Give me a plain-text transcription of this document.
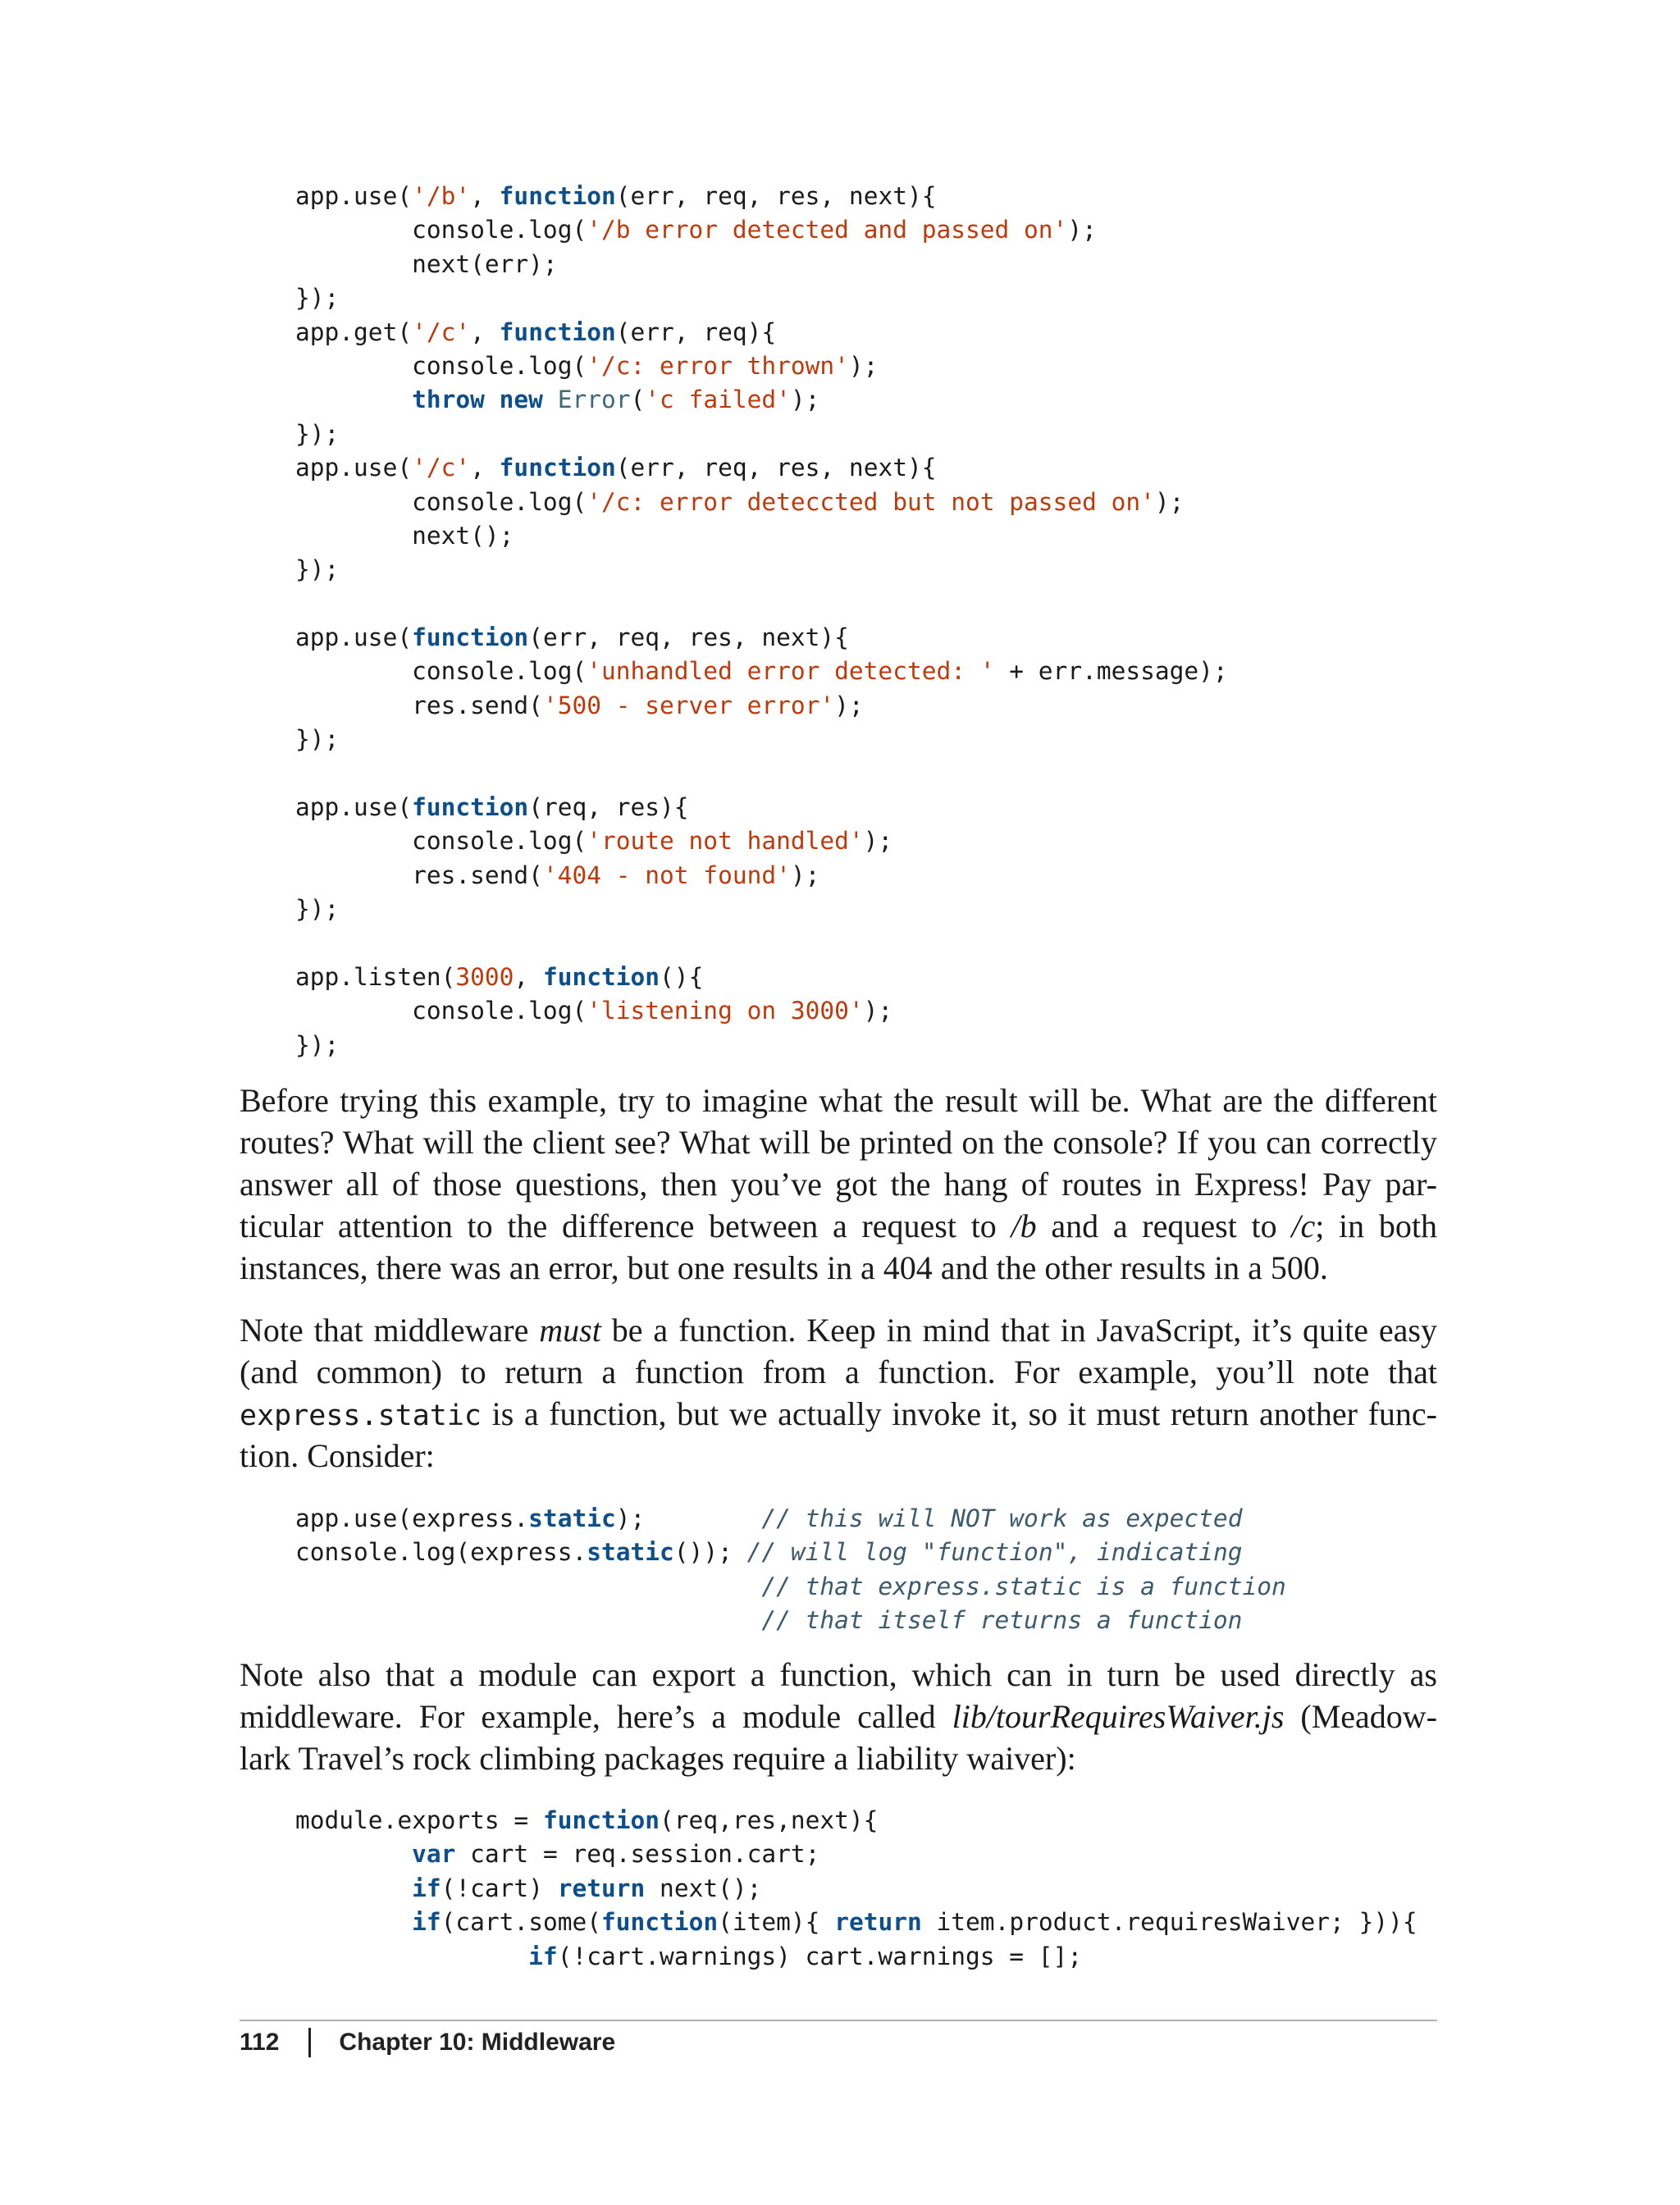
app.use('/b', function(err, req, res, next){
console.log('/b error detected and passed on');
next(err);
});
app.get('/c', function(err, req){
console.log('/c: error thrown');
throw new Error('c failed');
});
app.use('/c', function(err, req, res, next){
console.log('/c: error deteccted but not passed on');
next();
});

app.use(function(err, req, res, next){
console.log('unhandled error detected: ' + err.message);
res.send('500 - server error');
});

app.use(function(req, res){
console.log('route not handled');
res.send('404 - not found');
});

app.listen(3000, function(){
console.log('listening on 3000');
});
Before trying this example, try to imagine what the result will be. What are the different
routes? What will the client see? What will be printed on the console? If you can correctly
answer all of those questions, then you’ve got the hang of routes in Express! Pay par-
ticular attention to the difference between a request to /b and a request to /c; in both
instances, there was an error, but one results in a 404 and the other results in a 500.
Note that middleware must be a function. Keep in mind that in JavaScript, it’s quite easy
(and common) to return a function from a function. For example, you’ll note that
express.static is a function, but we actually invoke it, so it must return another func-
tion. Consider:
app.use(express.static);        // this will NOT work as expected
console.log(express.static()); // will log "function", indicating
// that express.static is a function
// that itself returns a function
Note also that a module can export a function, which can in turn be used directly as
middleware. For example, here’s a module called lib/tourRequiresWaiver.js (Meadow-
lark Travel’s rock climbing packages require a liability waiver):
module.exports = function(req,res,next){
var cart = req.session.cart;
if(!cart) return next();
if(cart.some(function(item){ return item.product.requiresWaiver; })){
if(!cart.warnings) cart.warnings = [];
112 Chapter 10: Middleware
